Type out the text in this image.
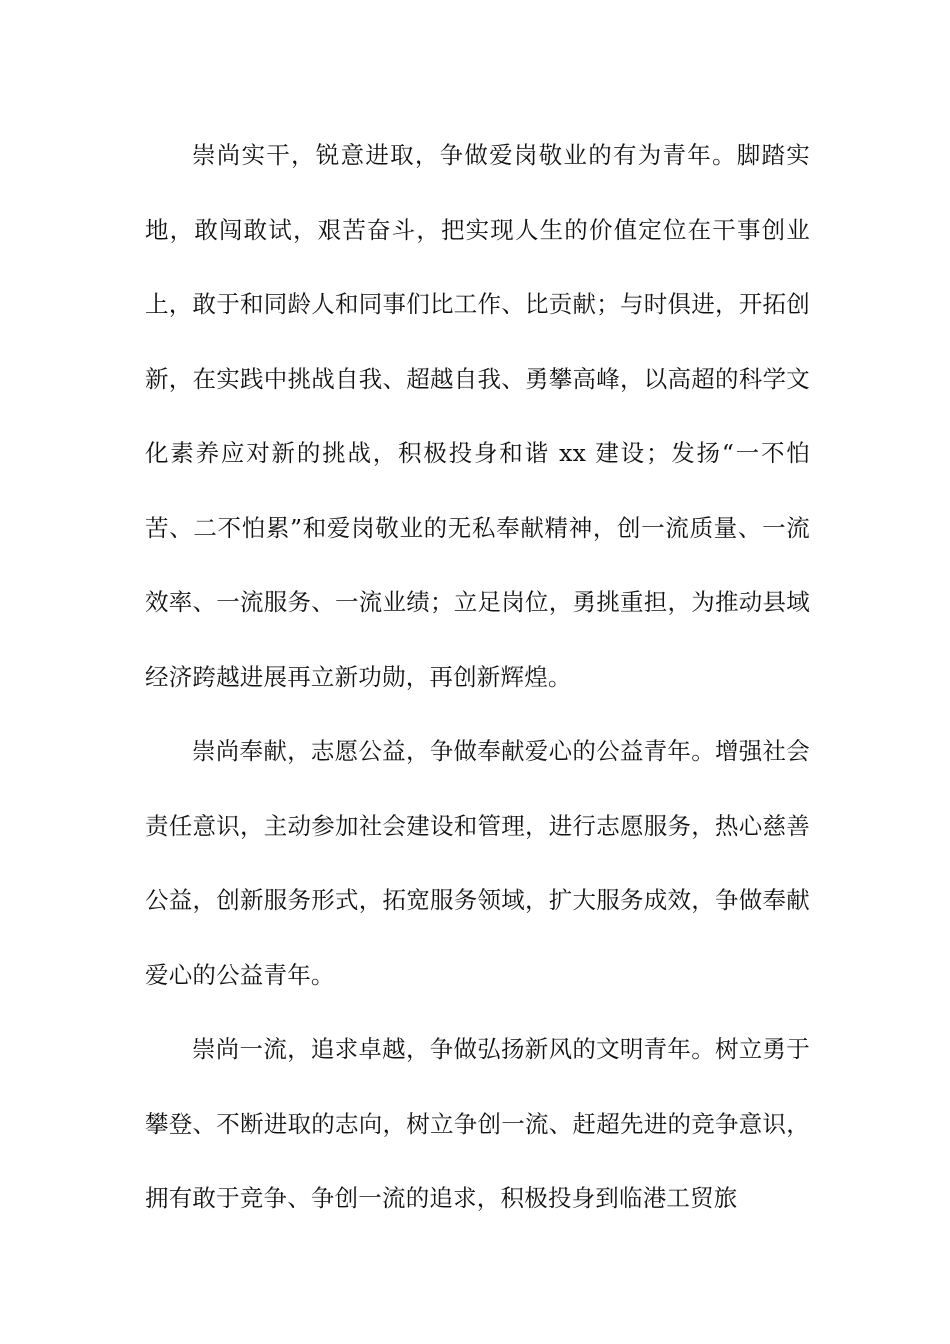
崇尚实干，锐意进取，争做爱岗敬业的有为青年。脚踏实地，敢闯敢试，艰苦奋斗，把实现人生的价值定位在干事创业上，敢于和同龄人和同事们比工作、比贡献；与时俱进，开拓创新，在实践中挑战自我、超越自我、勇攀高峰，以高超的科学文化素养应对新的挑战，积极投身和谐 xx 建设；发扬“一不怕苦、二不怕累”和爱岗敬业的无私奉献精神，创一流质量、一流效率、一流服务、一流业绩；立足岗位，勇挑重担，为推动县域经济跨越进展再立新功勋，再创新辉煌。

崇尚奉献，志愿公益，争做奉献爱心的公益青年。增强社会责任意识，主动参加社会建设和管理，进行志愿服务，热心慈善公益，创新服务形式，拓宽服务领域，扩大服务成效，争做奉献爱心的公益青年。

崇尚一流，追求卓越，争做弘扬新风的文明青年。树立勇于攀登、不断进取的志向，树立争创一流、赶超先进的竞争意识，拥有敢于竞争、争创一流的追求，积极投身到临港工贸旅
